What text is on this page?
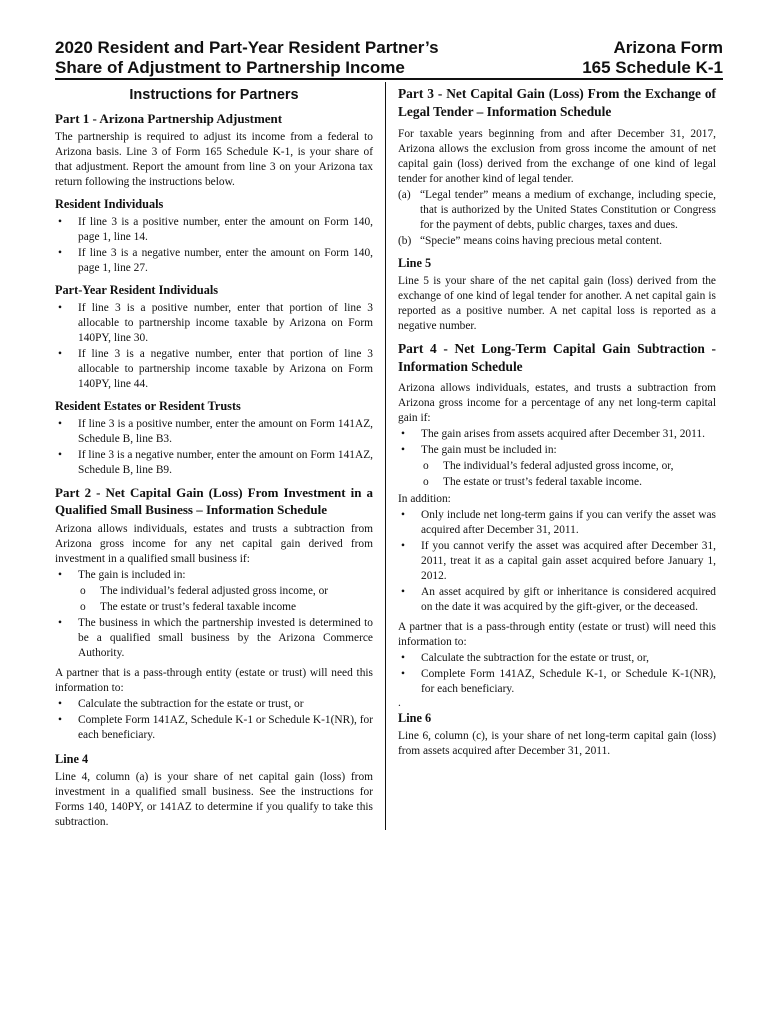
2020 Resident and Part-Year Resident Partner’s
Share of Adjustment to Partnership Income
Arizona Form
165 Schedule K-1
Instructions for Partners
Part 1 - Arizona Partnership Adjustment

The partnership is required to adjust its income from a federal to Arizona basis. Line 3 of Form 165 Schedule K-1, is your share of that adjustment. Report the amount from line 3 on your Arizona tax return following the instructions below.

Resident Individuals
• If line 3 is a positive number, enter the amount on Form 140, page 1, line 14.
• If line 3 is a negative number, enter the amount on Form 140, page 1, line 27.
Part-Year Resident Individuals
• If line 3 is a positive number, enter that portion of line 3 allocable to partnership income taxable by Arizona on Form 140PY, line 30.
• If line 3 is a negative number, enter that portion of line 3 allocable to partnership income taxable by Arizona on Form 140PY, line 44.
Resident Estates or Resident Trusts
• If line 3 is a positive number, enter the amount on Form 141AZ, Schedule B, line B3.
• If line 3 is a negative number, enter the amount on Form 141AZ, Schedule B, line B9.
Part 2 - Net Capital Gain (Loss) From Investment in a Qualified Small Business – Information Schedule

Arizona allows individuals, estates and trusts a subtraction from Arizona gross income for any net capital gain derived from investment in a qualified small business if:

• The gain is included in:
o The individual’s federal adjusted gross income, or
o The estate or trust’s federal taxable income
• The business in which the partnership invested is determined to be a qualified small business by the Arizona Commerce Authority.

A partner that is a pass-through entity (estate or trust) will need this information to:

• Calculate the subtraction for the estate or trust, or
• Complete Form 141AZ, Schedule K-1 or Schedule K-1(NR), for each beneficiary.
Line 4

Line 4, column (a) is your share of net capital gain (loss) from investment in a qualified small business. See the instructions for Forms 140, 140PY, or 141AZ to determine if you qualify to take this subtraction.

Part 3 - Net Capital Gain (Loss) From the Exchange of Legal Tender – Information Schedule

For taxable years beginning from and after December 31, 2017, Arizona allows the exclusion from gross income the amount of net capital gain (loss) derived from the exchange of one kind of legal tender for another kind of legal tender.

(a) “Legal tender” means a medium of exchange, including specie, that is authorized by the United States Constitution or Congress for the payment of debts, public charges, taxes and dues.
(b) “Specie” means coins having precious metal content.
Line 5

Line 5 is your share of the net capital gain (loss) derived from the exchange of one kind of legal tender for another. A net capital gain is reported as a positive number. A net capital loss is reported as a negative number.

Part 4 - Net Long-Term Capital Gain Subtraction - Information Schedule

Arizona allows individuals, estates, and trusts a subtraction from Arizona gross income for a percentage of any net long-term capital gain if:

• The gain arises from assets acquired after December 31, 2011.
• The gain must be included in:
o The individual’s federal adjusted gross income, or,
o The estate or trust’s federal taxable income.

In addition:

• Only include net long-term gains if you can verify the asset was acquired after December 31, 2011.
• If you cannot verify the asset was acquired after December 31, 2011, treat it as a capital gain asset acquired before January 1, 2012.
• An asset acquired by gift or inheritance is considered acquired on the date it was acquired by the gift-giver, or the deceased.

A partner that is a pass-through entity (estate or trust) will need this information to:

• Calculate the subtraction for the estate or trust, or,
• Complete Form 141AZ, Schedule K-1, or Schedule K-1(NR), for each beneficiary.

.

Line 6

Line 6, column (c), is your share of net long-term capital gain (loss) from assets acquired after December 31, 2011.
